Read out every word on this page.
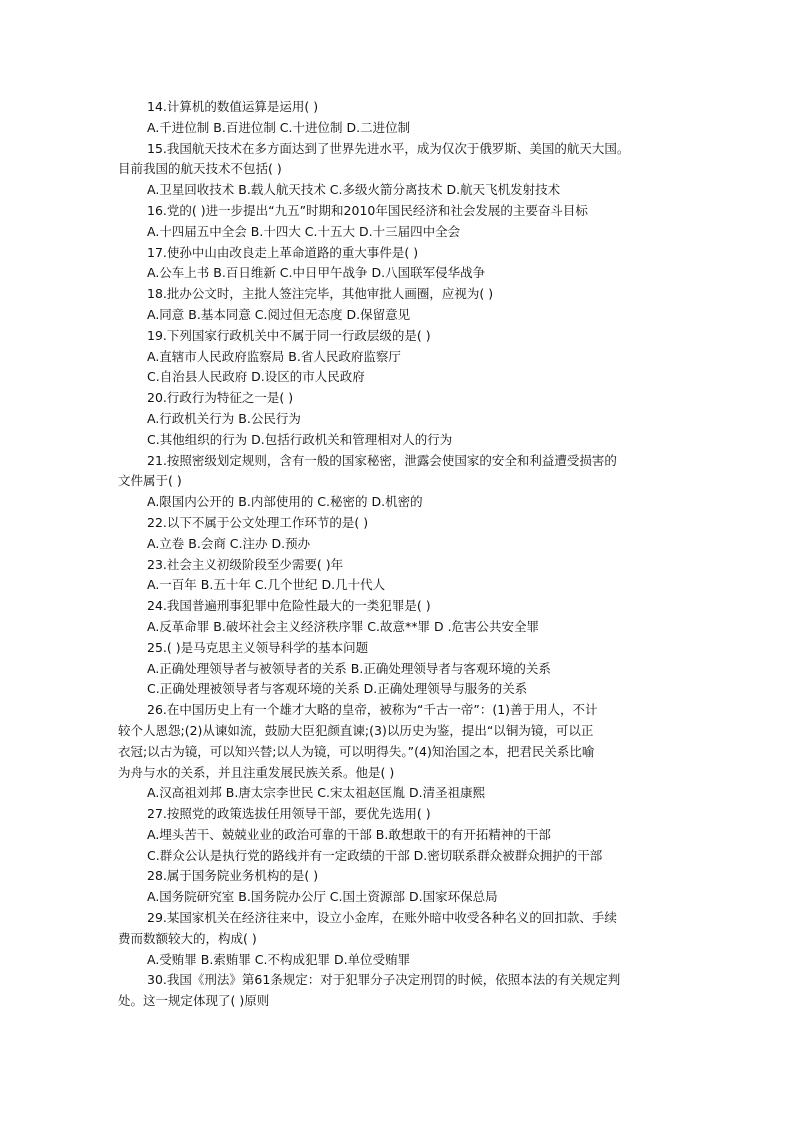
14.计算机的数值运算是运用( )
A.千进位制 B.百进位制 C.十进位制 D.二进位制
15.我国航天技术在多方面达到了世界先进水平，成为仅次于俄罗斯、美国的航天大国。
目前我国的航天技术不包括( )
A.卫星回收技术 B.载人航天技术 C.多级火箭分离技术 D.航天飞机发射技术
16.党的( )进一步提出“九五”时期和2010年国民经济和社会发展的主要奋斗目标
A.十四届五中全会 B.十四大 C.十五大 D.十三届四中全会
17.使孙中山由改良走上革命道路的重大事件是( )
A.公车上书 B.百日维新 C.中日甲午战争 D.八国联军侵华战争
18.批办公文时，主批人签注完毕，其他审批人画圈，应视为( )
A.同意 B.基本同意 C.阅过但无态度 D.保留意见
19.下列国家行政机关中不属于同一行政层级的是( )
A.直辖市人民政府监察局 B.省人民政府监察厅
C.自治县人民政府 D.设区的市人民政府
20.行政行为特征之一是( )
A.行政机关行为 B.公民行为
C.其他组织的行为 D.包括行政机关和管理相对人的行为
21.按照密级划定规则，含有一般的国家秘密，泄露会使国家的安全和利益遭受损害的
文件属于( )
A.限国内公开的 B.内部使用的 C.秘密的 D.机密的
22.以下不属于公文处理工作环节的是( )
A.立卷 B.会商 C.注办 D.预办
23.社会主义初级阶段至少需要( )年
A.一百年 B.五十年 C.几个世纪 D.几十代人
24.我国普遍刑事犯罪中危险性最大的一类犯罪是( )
A.反革命罪 B.破坏社会主义经济秩序罪 C.故意**罪 D .危害公共安全罪
25.( )是马克思主义领导科学的基本问题
A.正确处理领导者与被领导者的关系 B.正确处理领导者与客观环境的关系
C.正确处理被领导者与客观环境的关系 D.正确处理领导与服务的关系
26.在中国历史上有一个雄才大略的皇帝，被称为“千古一帝”：(1)善于用人，不计
较个人恩怨;(2)从谏如流，鼓励大臣犯颜直谏;(3)以历史为鉴，提出“以铜为镜，可以正
衣冠;以古为镜，可以知兴替;以人为镜，可以明得失。”(4)知治国之本，把君民关系比喻
为舟与水的关系，并且注重发展民族关系。他是( )
A.汉高祖刘邦 B.唐太宗李世民 C.宋太祖赵匡胤 D.清圣祖康熙
27.按照党的政策选拔任用领导干部，要优先选用( )
A.埋头苦干、兢兢业业的政治可靠的干部 B.敢想敢干的有开拓精神的干部
C.群众公认是执行党的路线并有一定政绩的干部 D.密切联系群众被群众拥护的干部
28.属于国务院业务机构的是( )
A.国务院研究室 B.国务院办公厅 C.国土资源部 D.国家环保总局
29.某国家机关在经济往来中，设立小金库，在账外暗中收受各种名义的回扣款、手续
费而数额较大的，构成( )
A.受贿罪 B.索贿罪 C.不构成犯罪 D.单位受贿罪
30.我国《刑法》第61条规定：对于犯罪分子决定刑罚的时候，依照本法的有关规定判
处。这一规定体现了( )原则
